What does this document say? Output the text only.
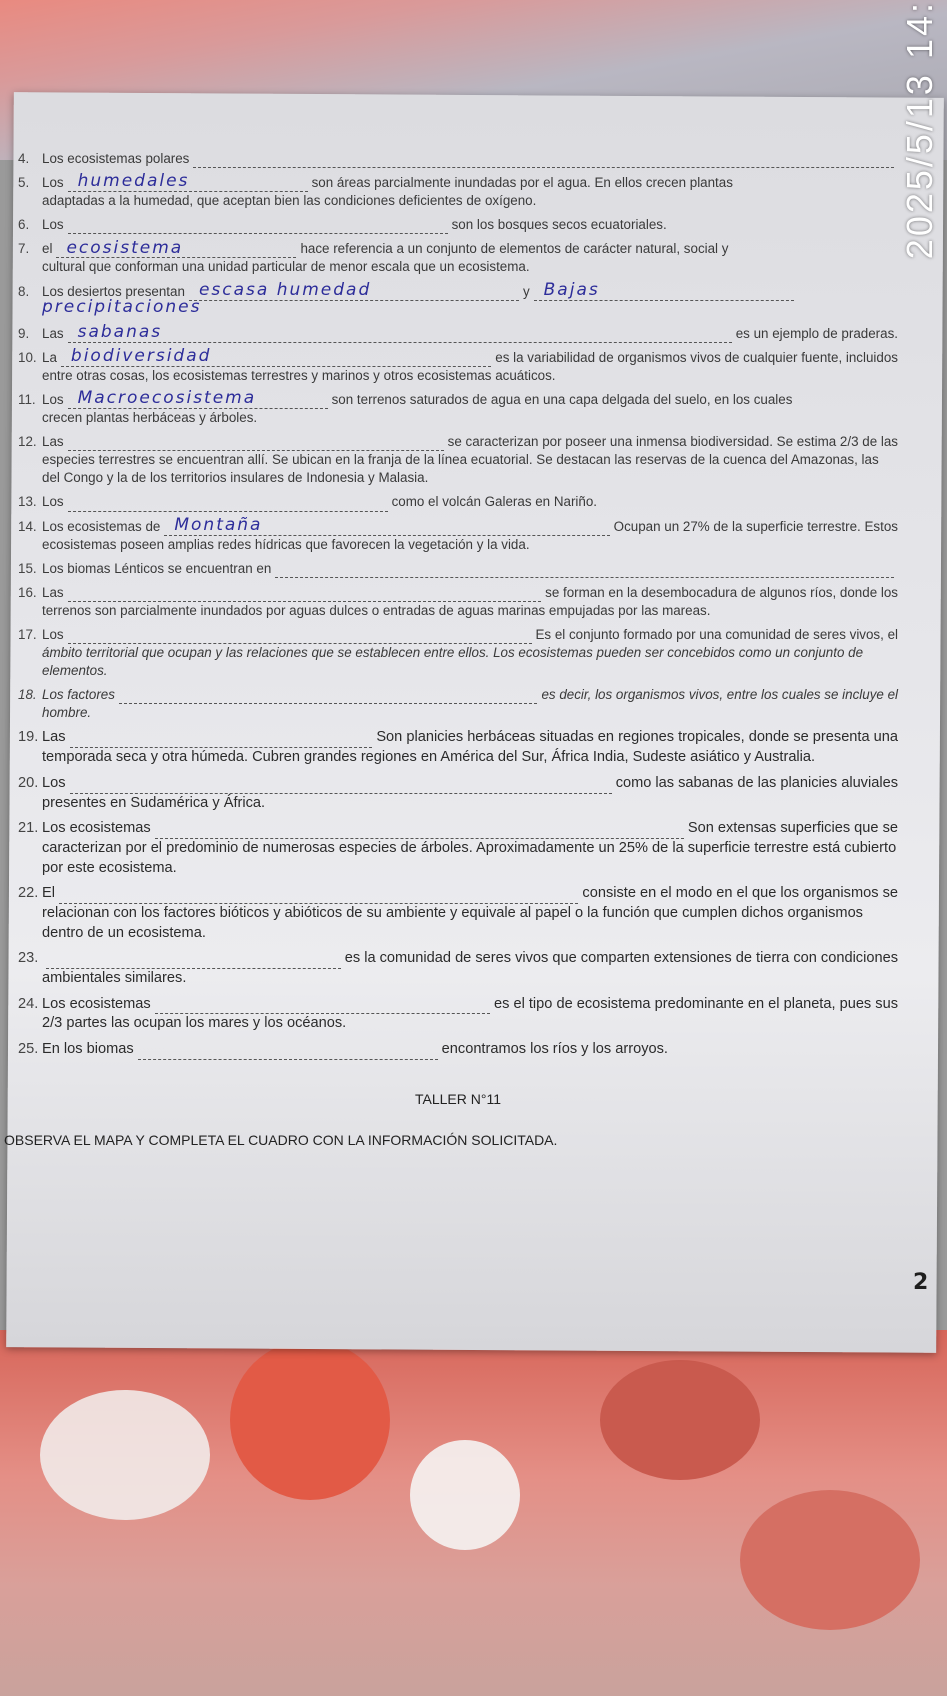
2025/5/13 14:
4. Los ecosistemas polares
5. Los humedales	son áreas parcialmente inundadas por el agua. En ellos crecen plantas
adaptadas a la humedad, que aceptan bien las condiciones deficientes de oxígeno.
6. Los	son los bosques secos ecuatoriales.
7. el ecosistema	hace referencia a un conjunto de elementos de carácter natural, social y
cultural que conforman una unidad particular de menor escala que un ecosistema.
8. Los desiertos presentan escasa humedad	y Bajas
precipitaciones
9. Las sabanas	es un ejemplo de praderas.
10. La biodiversidad	es la variabilidad de organismos vivos de cualquier fuente, incluidos
entre otras cosas, los ecosistemas terrestres y marinos y otros ecosistemas acuáticos.
11. Los Macroecosistema	son terrenos saturados de agua en una capa delgada del suelo, en los cuales
crecen plantas herbáceas y árboles.
12. Las	se caracterizan por poseer una inmensa biodiversidad. Se estima 2/3 de las
especies terrestres se encuentran allí. Se ubican en la franja de la línea ecuatorial. Se destacan las reservas de la cuenca del Amazonas, las del Congo y la de los territorios insulares de Indonesia y Malasia.
13. Los	como el volcán Galeras en Nariño.
14. Los ecosistemas de Montaña	Ocupan un 27% de la superficie terrestre. Estos
ecosistemas poseen amplias redes hídricas que favorecen la vegetación y la vida.
15. Los biomas Lénticos se encuentran en
16. Las	se forman en la desembocadura de algunos ríos, donde los
terrenos son parcialmente inundados por aguas dulces o entradas de aguas marinas empujadas por las mareas.
17. Los	Es el conjunto formado por una comunidad de seres vivos, el
ámbito territorial que ocupan y las relaciones que se establecen entre ellos. Los ecosistemas pueden ser concebidos como un conjunto de elementos.
18. Los factores	es decir, los organismos vivos, entre los cuales se incluye el
hombre.
19. Las	Son planicies herbáceas situadas en regiones tropicales, donde se presenta una
temporada seca y otra húmeda. Cubren grandes regiones en América del Sur, África India, Sudeste asiático y Australia.
20. Los	como las sabanas de las planicies aluviales
presentes en Sudamérica y África.
21. Los ecosistemas	Son extensas superficies que se
caracterizan por el predominio de numerosas especies de árboles. Aproximadamente un 25% de la superficie terrestre está cubierto por este ecosistema.
22. El	consiste en el modo en el que los organismos se
relacionan con los factores bióticos y abióticos de su ambiente y equivale al papel o la función que cumplen dichos organismos dentro de un ecosistema.
23.	es la comunidad de seres vivos que comparten extensiones de tierra con condiciones
ambientales similares.
24. Los ecosistemas	es el tipo de ecosistema predominante en el planeta, pues sus
2/3 partes las ocupan los mares y los océanos.
25. En los biomas	encontramos los ríos y los arroyos.
TALLER N°11
OBSERVA EL MAPA Y COMPLETA EL CUADRO CON LA INFORMACIÓN SOLICITADA.
2
